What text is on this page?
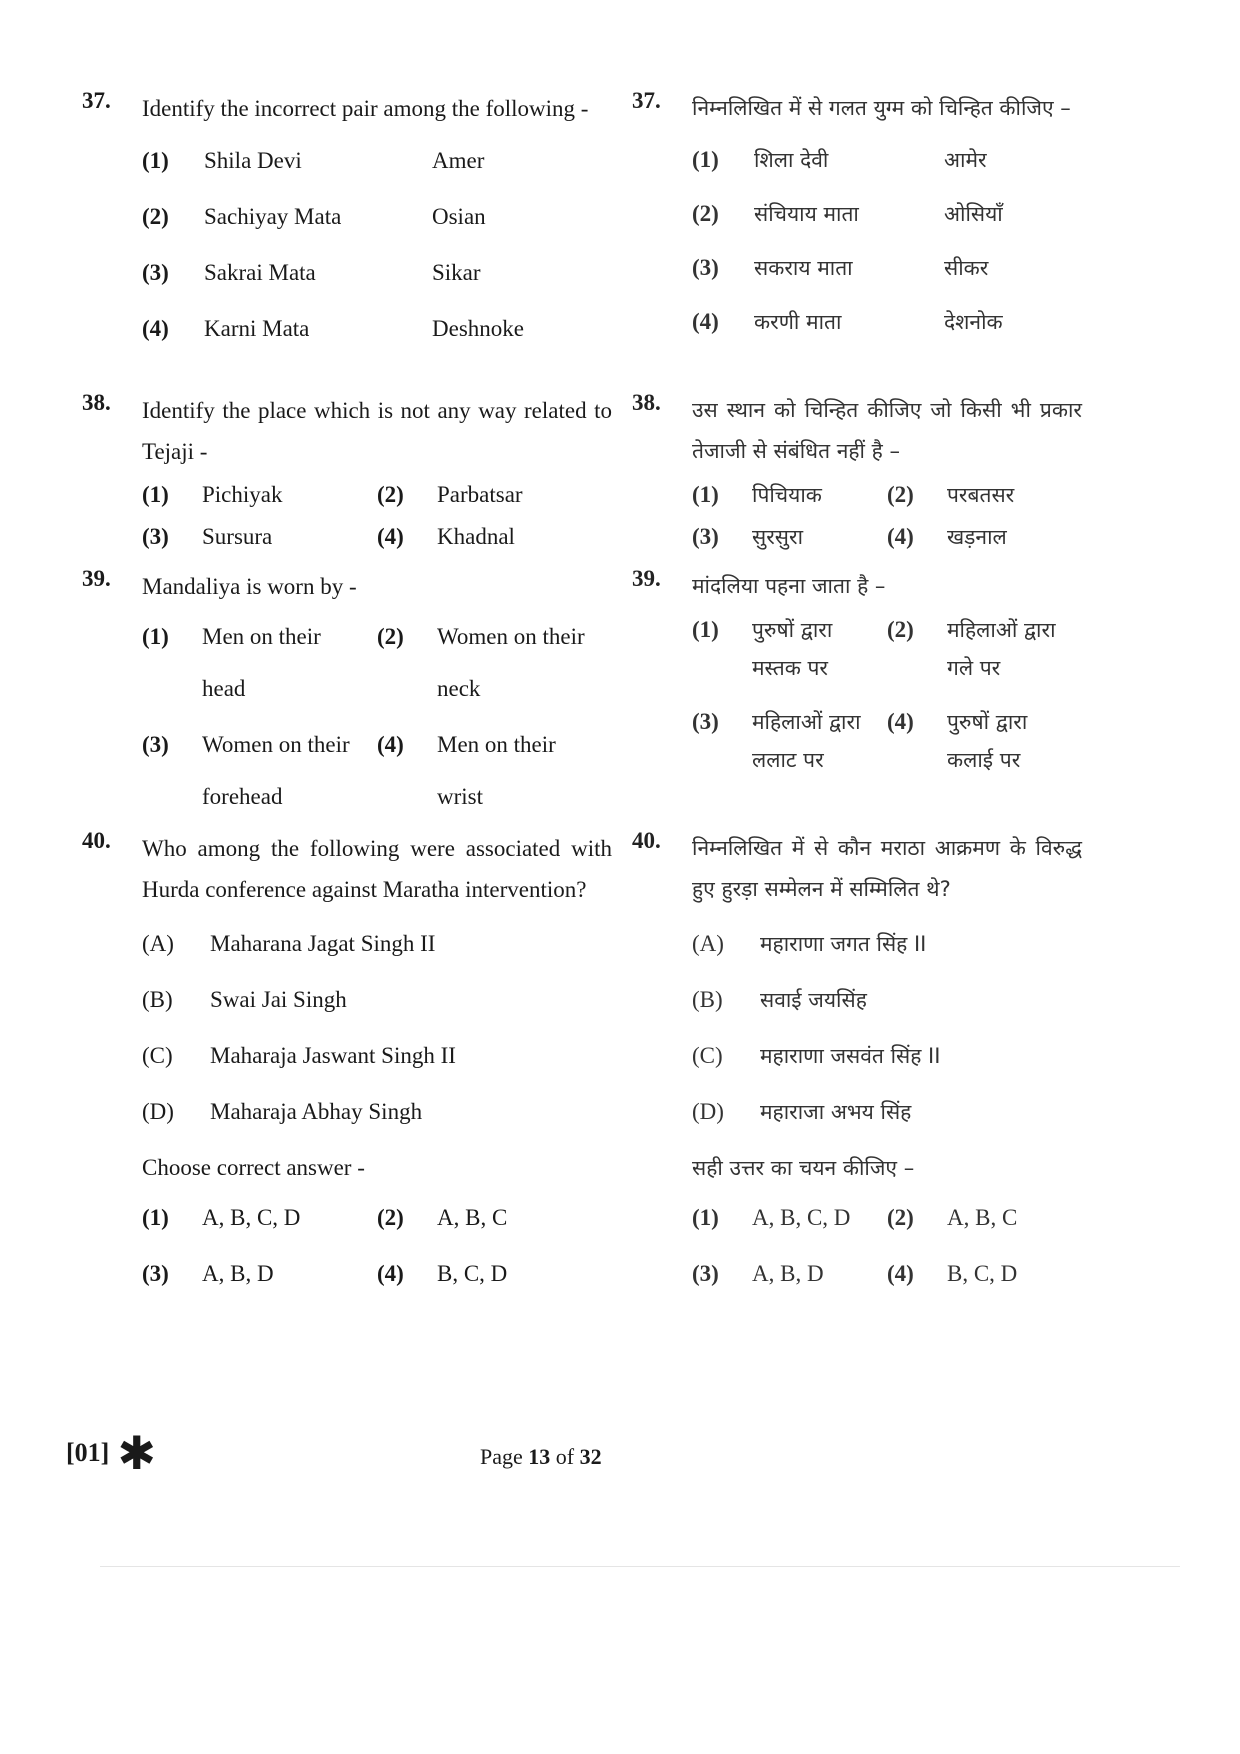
37. Identify the incorrect pair among the following -
(1)	Shila Devi	Amer
(2)	Sachiyay Mata	Osian
(3)	Sakrai Mata	Sikar
(4)	Karni Mata	Deshnoke
38. Identify the place which is not any way related to Tejaji -
(1)	Pichiyak	(2)	Parbatsar
(3)	Sursura	(4)	Khadnal
39. Mandaliya is worn by -
(1)	Men on their head
(2)	Women on their neck
(3)	Women on their forehead
(4)	Men on their wrist
40. Who among the following were associated with Hurda conference against Maratha intervention?
(A)	Maharana Jagat Singh II
(B)	Swai Jai Singh
(C)	Maharaja Jaswant Singh II
(D)	Maharaja Abhay Singh
Choose correct answer -
(1)	A, B, C, D	(2)	A, B, C
(3)	A, B, D	(4)	B, C, D
37. निम्नलिखित में से गलत युग्म को चिन्हित कीजिए –
(1)	शिला देवी	आमेर
(2)	संचियाय माता	ओसियाँ
(3)	सकराय माता	सीकर
(4)	करणी माता	देशनोक
38. उस स्थान को चिन्हित कीजिए जो किसी भी प्रकार तेजाजी से संबंधित नहीं है –
(1)	पिचियाक	(2)	परबतसर
(3)	सुरसुरा	(4)	खड़नाल
39. मांदलिया पहना जाता है –
(1)	पुरुषों द्वारा मस्तक पर
(2)	महिलाओं द्वारा गले पर
(3)	महिलाओं द्वारा ललाट पर
(4)	पुरुषों द्वारा कलाई पर
40. निम्नलिखित में से कौन मराठा आक्रमण के विरुद्ध हुए हुरड़ा सम्मेलन में सम्मिलित थे?
(A)	महाराणा जगत सिंह II
(B)	सवाई जयसिंह
(C)	महाराणा जसवंत सिंह II
(D)	महाराजा अभय सिंह
सही उत्तर का चयन कीजिए –
(1)	A, B, C, D	(2)	A, B, C
(3)	A, B, D	(4)	B, C, D
[01] ✱	Page 13 of 32
